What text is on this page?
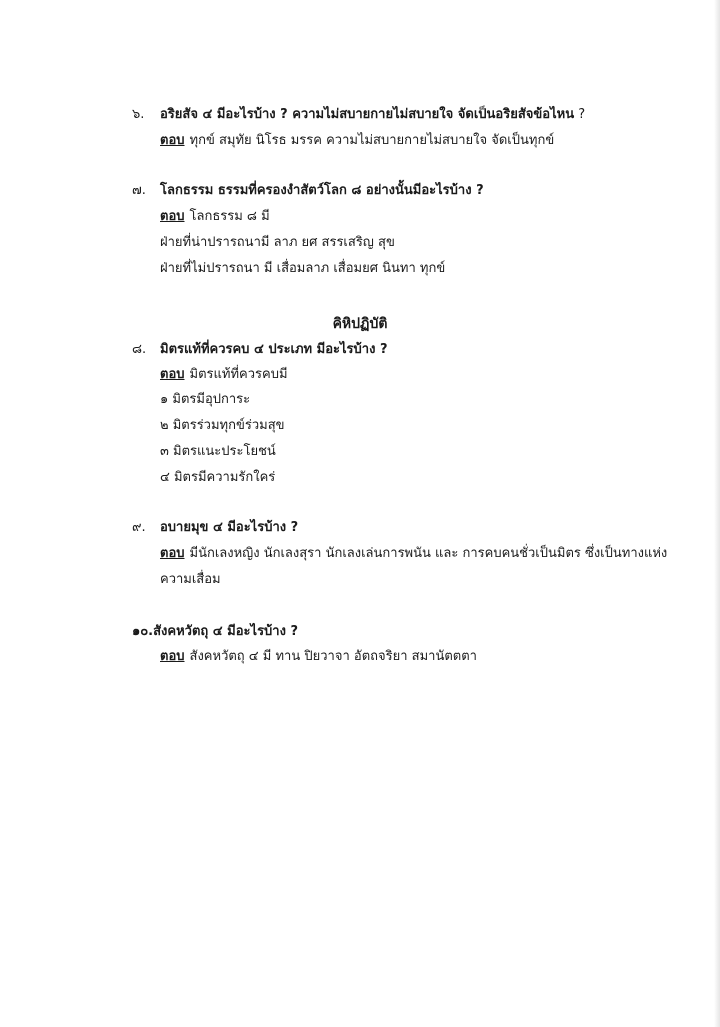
๖. อริยสัจ ๔ มีอะไรบ้าง ? ความไม่สบายกายไม่สบายใจ จัดเป็นอริยสัจข้อไหน ?
ตอบ ทุกข์ สมุทัย นิโรธ มรรค ความไม่สบายกายไม่สบายใจ จัดเป็นทุกข์
๗. โลกธรรม ธรรมที่ครองงำสัตว์โลก ๘ อย่างนั้นมีอะไรบ้าง ?
ตอบ โลกธรรม ๘ มี
ฝ่ายที่น่าปรารถนามี ลาภ ยศ สรรเสริญ สุข
ฝ่ายที่ไม่ปรารถนา มี เสื่อมลาภ เสื่อมยศ นินทา ทุกข์
คิหิปฏิบัติ
๘. มิตรแท้ที่ควรคบ ๔ ประเภท มีอะไรบ้าง ?
ตอบ มิตรแท้ที่ควรคบมี
๑ มิตรมีอุปการะ
๒ มิตรร่วมทุกข์ร่วมสุข
๓ มิตรแนะประโยชน์
๔ มิตรมีความรักใคร่
๙. อบายมุข ๔ มีอะไรบ้าง ?
ตอบ มีนักเลงหญิง นักเลงสุรา นักเลงเล่นการพนัน และ การคบคนชั่วเป็นมิตร ซึ่งเป็นทางแห่ง
ความเสื่อม
๑๐.สังคหวัตถุ ๔ มีอะไรบ้าง ?
ตอบ สังคหวัตถุ ๔ มี ทาน ปิยวาจา อัตถจริยา สมานัตตตา
